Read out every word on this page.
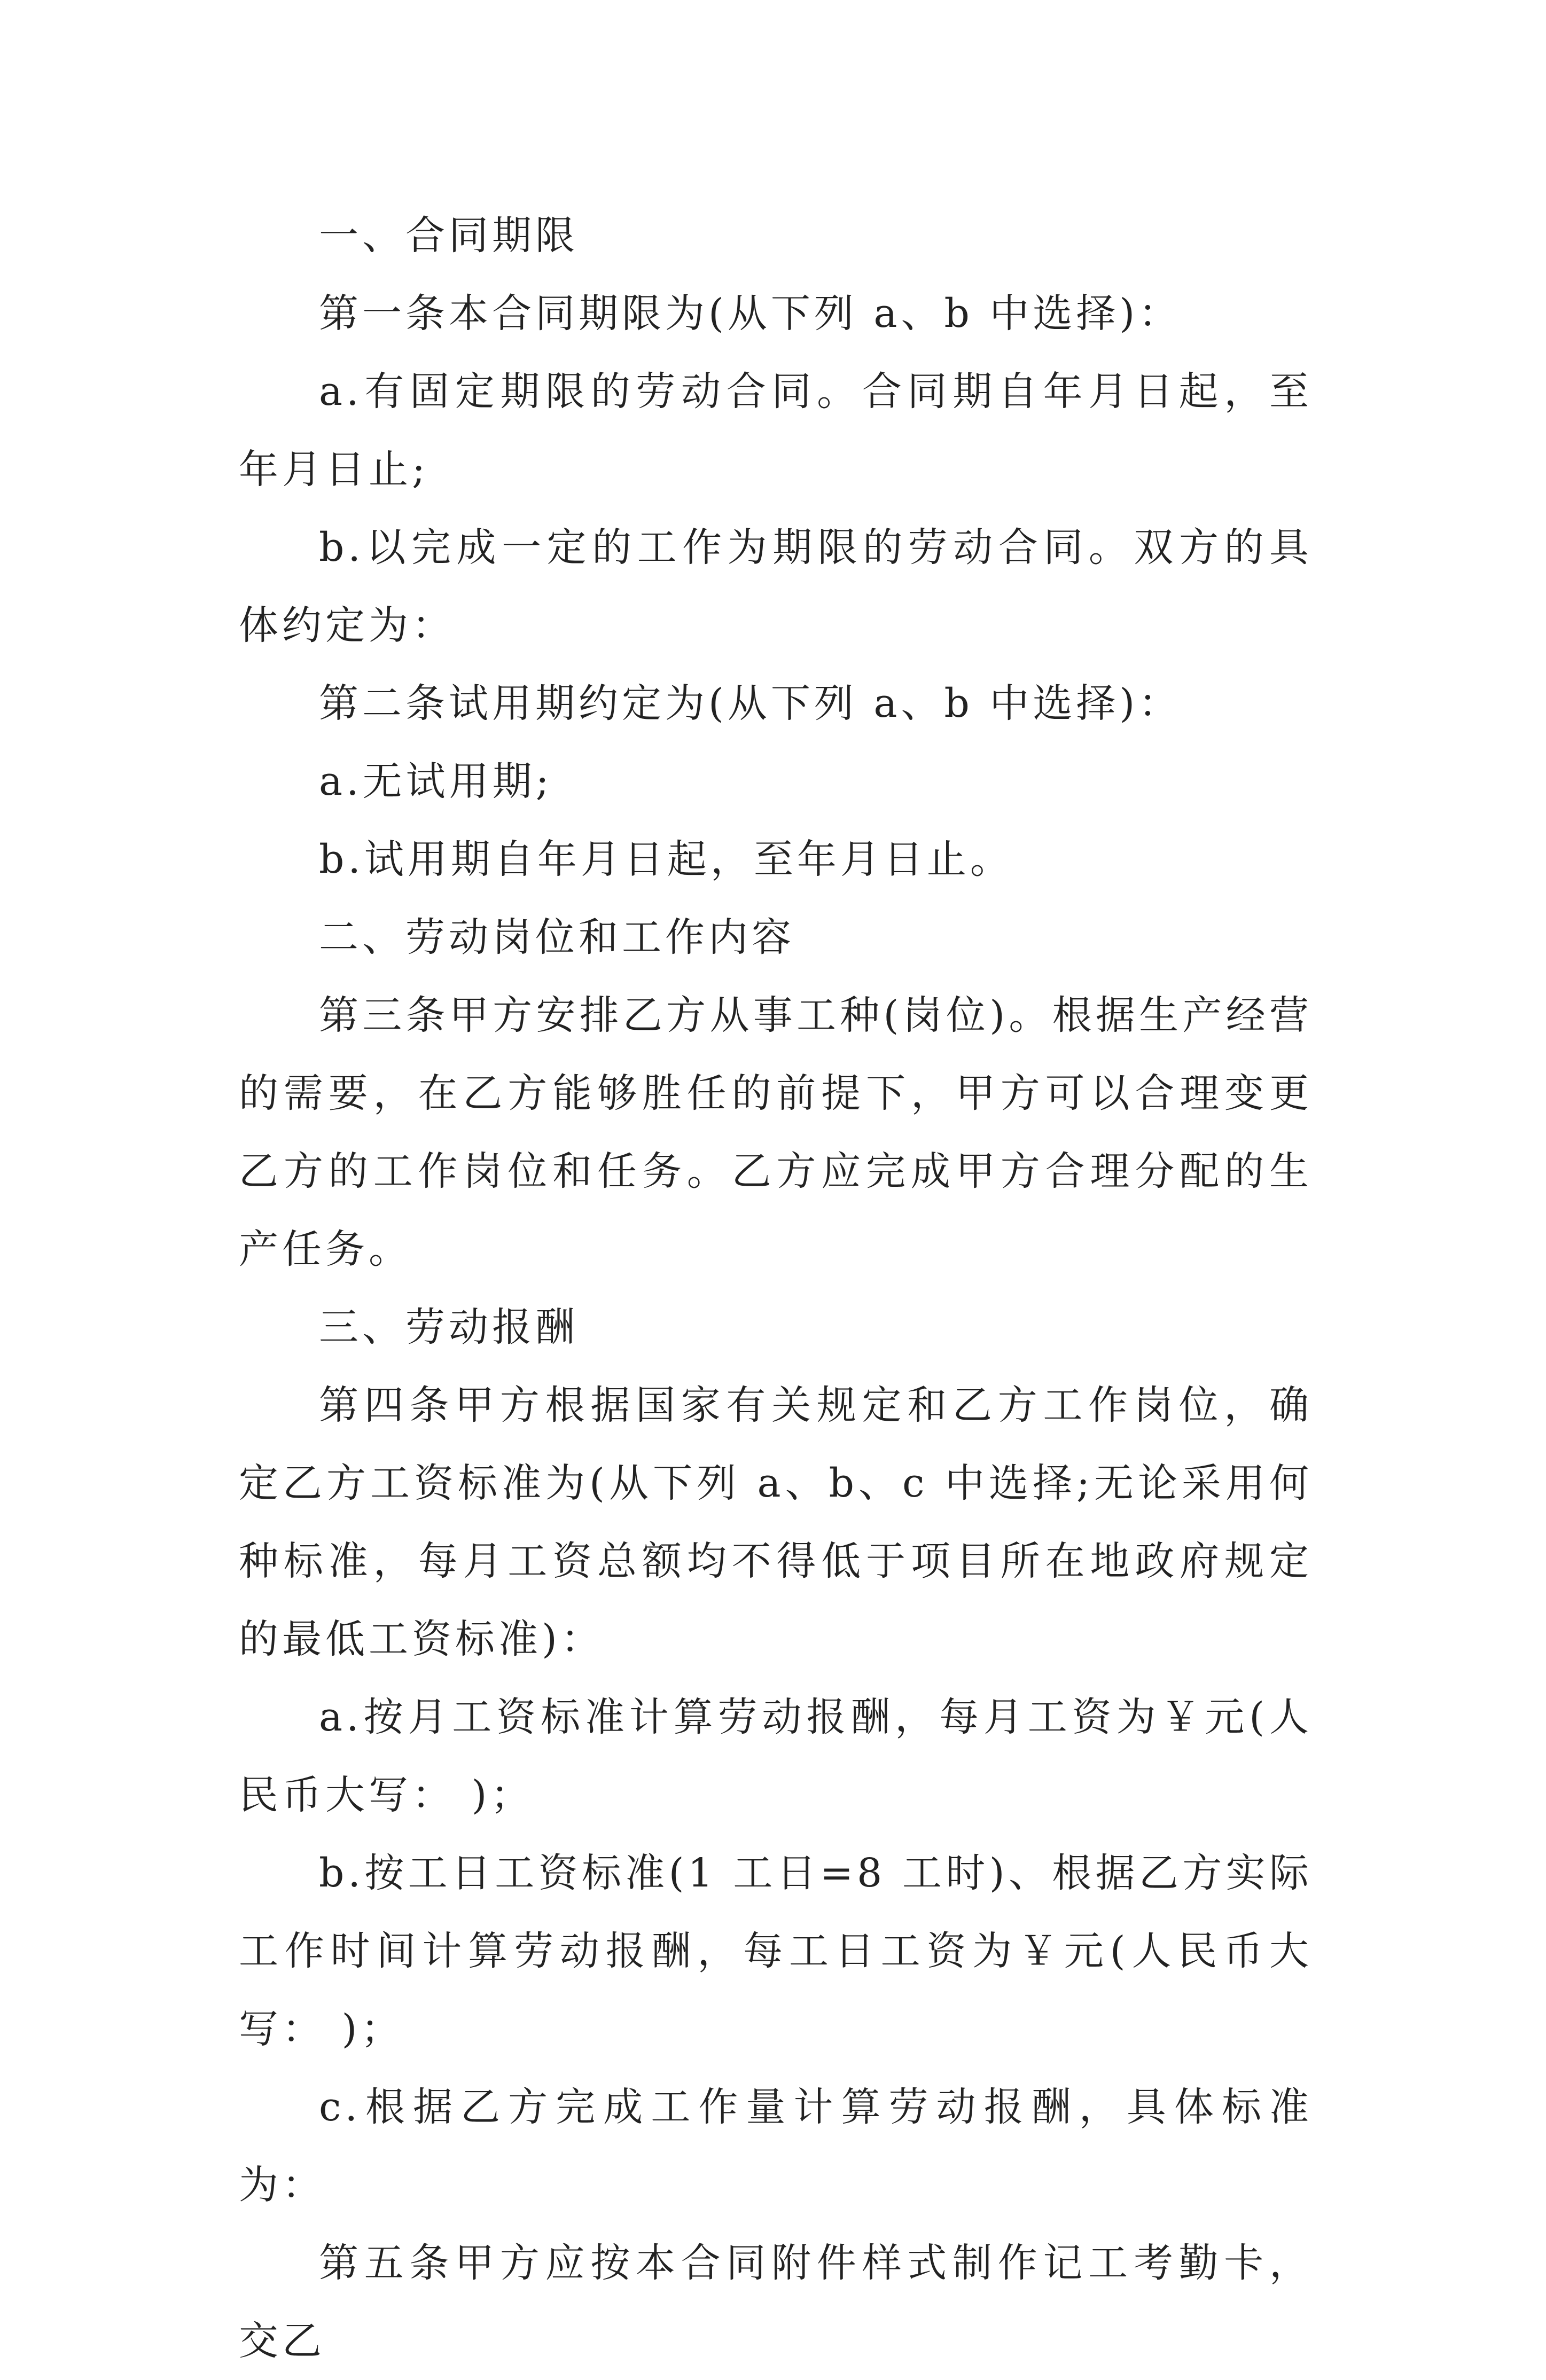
一、合同期限

第一条本合同期限为(从下列 a、b 中选择)：

a.有固定期限的劳动合同。合同期自年月日起，至年月日止;

b.以完成一定的工作为期限的劳动合同。双方的具体约定为：

第二条试用期约定为(从下列 a、b 中选择)：

a.无试用期;

b.试用期自年月日起，至年月日止。

二、劳动岗位和工作内容

第三条甲方安排乙方从事工种(岗位)。根据生产经营的需要，在乙方能够胜任的前提下，甲方可以合理变更乙方的工作岗位和任务。乙方应完成甲方合理分配的生产任务。

三、劳动报酬

第四条甲方根据国家有关规定和乙方工作岗位，确定乙方工资标准为(从下列 a、b、c 中选择;无论采用何种标准，每月工资总额均不得低于项目所在地政府规定的最低工资标准)：

a.按月工资标准计算劳动报酬，每月工资为￥元(人民币大写： )；

b.按工日工资标准(1 工日=8 工时)、根据乙方实际工作时间计算劳动报酬，每工日工资为￥元(人民币大写： )；

c.根据乙方完成工作量计算劳动报酬，具体标准为：

第五条甲方应按本合同附件样式制作记工考勤卡，交乙
